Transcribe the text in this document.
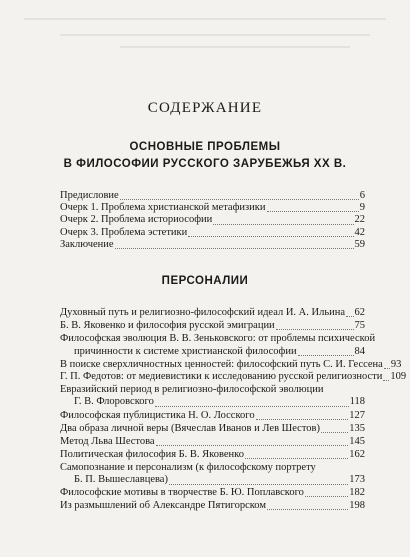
СОДЕРЖАНИЕ
ОСНОВНЫЕ ПРОБЛЕМЫ
В ФИЛОСОФИИ РУССКОГО ЗАРУБЕЖЬЯ XX В.
Предисловие	6
Очерк 1. Проблема христианской метафизики	9
Очерк 2. Проблема историософии	22
Очерк 3. Проблема эстетики	42
Заключение	59
ПЕРСОНАЛИИ
Духовный путь и религиозно-философский идеал И. А. Ильина 62
Б. В. Яковенко и философия русской эмиграции	75
Философская эволюция В. В. Зеньковского: от проблемы психической
причинности к системе христианской философии	84
В поиске сверхличностных ценностей: философский путь С. И. Гессена 93
Г. П. Федотов: от медиевистики к исследованию русской религиозности 109
Евразийский период в религиозно-философской эволюции
Г. В. Флоровского	118
Философская публицистика Н. О. Лосского	127
Два образа личной веры (Вячеслав Иванов и Лев Шестов)	135
Метод Льва Шестова	145
Политическая философия Б. В. Яковенко	162
Самопознание и персонализм (к философскому портрету
Б. П. Вышеславцева)	173
Философские мотивы в творчестве Б. Ю. Поплавского	182
Из размышлений об Александре Пятигорском	198
